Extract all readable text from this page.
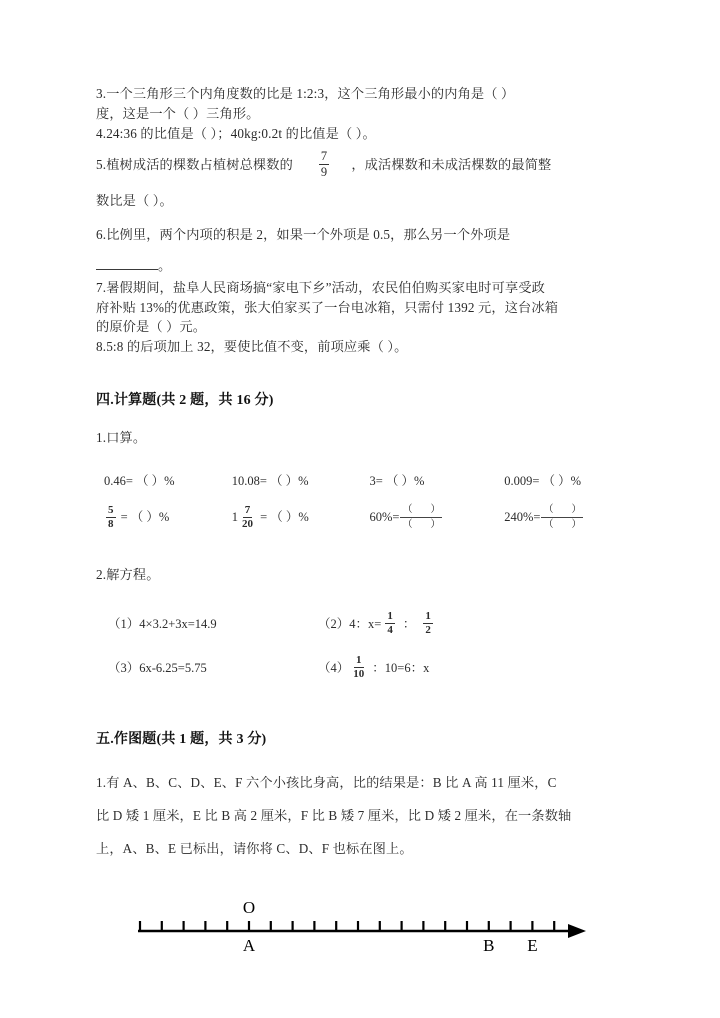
3.一个三角形三个内角度数的比是 1:2:3，这个三角形最小的内角是（ ）
度，这是一个（ ）三角形。
4.24:36 的比值是（ ）；40kg:0.2t 的比值是（ ）。
5.植树成活的棵数占植树总棵数的 $\frac{7}{9}$ ，成活棵数和未成活棵数的最简整
数比是（ ）。
6.比例里，两个内项的积是 2，如果一个外项是 0.5，那么另一个外项是
。
7.暑假期间，盐阜人民商场搞“家电下乡”活动，农民伯伯购买家电时可享受政
府补贴 13%的优惠政策，张大伯家买了一台电冰箱，只需付 1392 元，这台冰箱
的原价是（ ）元。
8.5:8 的后项加上 32，要使比值不变，前项应乘（ ）。
四.计算题(共 2 题，共 16 分)
1.口算。
0.46= （ ）%	10.08= （ ）%	3= （ ）%	0.009= （ ）%
$\frac{5}{8}$ = （ ）%	$1 \frac{7}{20}$ = （ ）%	$60\%= \frac{( )}{( )}$	$240\%= \frac{( )}{( )}$
2.解方程。
（1）4×3.2+3x=14.9	（2）4：$x= \frac{1}{4}$ ： $\frac{1}{2}$
（3）6x-6.25=5.75	$(4) \frac{1}{10}$ ：10=6：x
五.作图题(共 1 题，共 3 分)
1.有 A、B、C、D、E、F 六个小孩比身高，比的结果是：B 比 A 高 11 厘米，C
比 D 矮 1 厘米，E 比 B 高 2 厘米，F 比 B 矮 7 厘米，比 D 矮 2 厘米，在一条数轴
上，A、B、E 已标出，请你将 C、D、F 也标在图上。
O
A	B E
